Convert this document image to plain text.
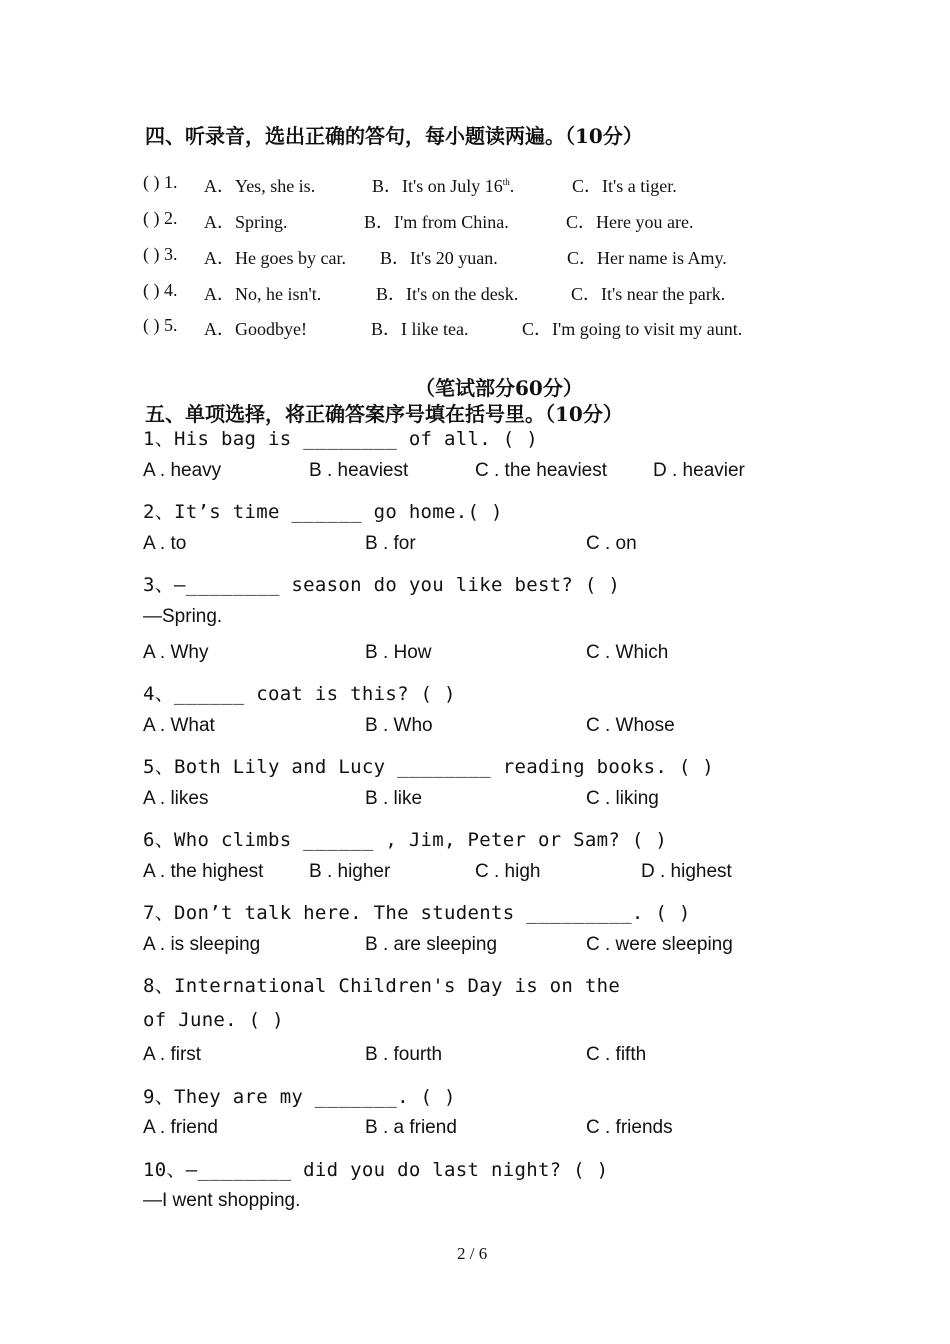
四、听录音，选出正确的答句，每小题读两遍。（10分）
( ) 1. A．Yes, she is.	B．It's on July 16th.	C．It's a tiger.
( ) 2. A．Spring.	B．I'm from China.	C．Here you are.
( ) 3. A．He goes by car. B．It's 20 yuan.	C．Her name is Amy.
( ) 4. A．No, he isn't.	B．It's on the desk.	C．It's near the park.
( ) 5. A．Goodbye!	B．I like tea.	C．I'm going to visit my aunt.
（笔试部分60分）
五、单项选择，将正确答案序号填在括号里。（10分）
1、His bag is ________ of all. ( )
A . heavy	B . heaviest	C . the heaviest D . heavier
2、It’s time ______ go home.( )
A . to	B . for	C . on
3、—________ season do you like best? ( )
—Spring.
A . Why	B . How	C . Which
4、______ coat is this? ( )
A . What	B . Who	C . Whose
5、Both Lily and Lucy ________ reading books. ( )
A . likes	B . like	C . liking
6、Who climbs ______ , Jim, Peter or Sam? ( )
A . the highest B . higher	C . high	D . highest
7、Don’t talk here. The students _________. ( )
A . is sleeping	B . are sleeping	C . were sleeping
8、International Children's Day is on the
of June. ( )
A . first	B . fourth	C . fifth
9、They are my _______. ( )
A . friend	B . a friend	C . friends
10、—________ did you do last night? ( )
—I went shopping.
2 / 6
